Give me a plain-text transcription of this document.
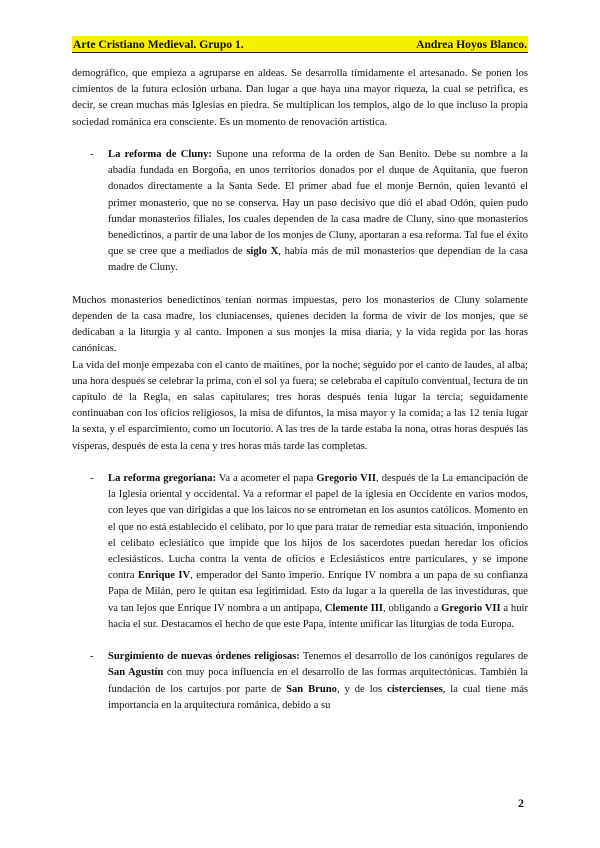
Arte Cristiano Medieval. Grupo 1.	Andrea Hoyos Blanco.

demográfico, que empieza a agruparse en aldeas. Se desarrolla tímidamente el artesanado. Se ponen los cimientos de la futura eclosión urbana. Dan lugar a que haya una mayor riqueza, la cual se petrifica, es decir, se crean muchas más Iglesias en piedra. Se multiplican los templos, algo de lo que incluso la propia sociedad románica era consciente. Es un momento de renovación artística.

- La reforma de Cluny: Supone una reforma de la orden de San Benito. Debe su nombre a la abadía fundada en Borgoña, en unos territorios donados por el duque de Aquitania, que fueron donados directamente a la Santa Sede. El primer abad fue el monje Bernón, quien levantó el primer monasterio, que no se conserva. Hay un paso decisivo que dió el abad Odón, quien pudo fundar monasterios filiales, los cuales dependen de la casa madre de Cluny, sino que monasterios benedictinos, a partir de una labor de los monjes de Cluny, aportaran a esa reforma. Tal fue el éxito que se cree que a mediados de siglo X, había más de mil monasterios que dependían de la casa madre de Cluny.

Muchos monasterios benedictinos tenían normas impuestas, pero los monasterios de Cluny solamente dependen de la casa madre, los cluniacenses, quienes deciden la forma de vivir de los monjes, que se dedicaban a la liturgia y al canto. Imponen a sus monjes la misa diaria, y la vida regida por las horas canónicas.

La vida del monje empezaba con el canto de maitines, por la noche; seguido por el canto de laudes, al alba; una hora después se celebrar la prima, con el sol ya fuera; se celebraba el capítulo conventual, lectura de un capítulo de la Regla, en salas capitulares; tres horas después tenía lugar la tercia; seguidamente continuaban con los oficios religiosos, la misa de difuntos, la misa mayor y la comida; a las 12 tenía lugar la sexta, y el esparcimiento, como un locutorio. A las tres de la tarde estaba la nona, otras horas después las vísperas, después de esta la cena y tres horas más tarde las completas.

- La reforma gregoriana: Va a acometer el papa Gregorio VII, después de la La emancipación de la Iglesia oriental y occidental. Va a reformar el papel de la iglesia en Occidente en varios modos, con leyes que van dirigidas a que los laicos no se entrometan en los asuntos católicos. Momento en el que no está establecido el celibato, por lo que para tratar de remediar esta situación, imponiendo el celibato eclesiático que impide que los hijos de los sacerdotes puedan heredar los oficios eclesiásticos. Lucha contra la venta de oficios e Eclesiásticos entre particulares, y se impone contra Enrique IV, emperador del Santo imperio. Enrique IV nombra a un papa de su confianza Papa de Milán, pero le quitan esa legitimidad. Esto da lugar a la querella de las investiduras, que va tan lejos que Enrique IV nombra a un antipapa, Clemente III, obligando a Gregorio VII a huir hacia el sur. Destacamos el hecho de que este Papa, intente unificar las liturgias de toda Europa.

- Surgimiento de nuevas órdenes religiosas: Tenemos el desarrollo de los canónigos regulares de San Agustín con muy poca influencia en el desarrollo de las formas arquitectónicas. También la fundación de los cartujos por parte de San Bruno, y de los cistercienses, la cual tiene más importancia en la arquitectura románica, debido a su

2
